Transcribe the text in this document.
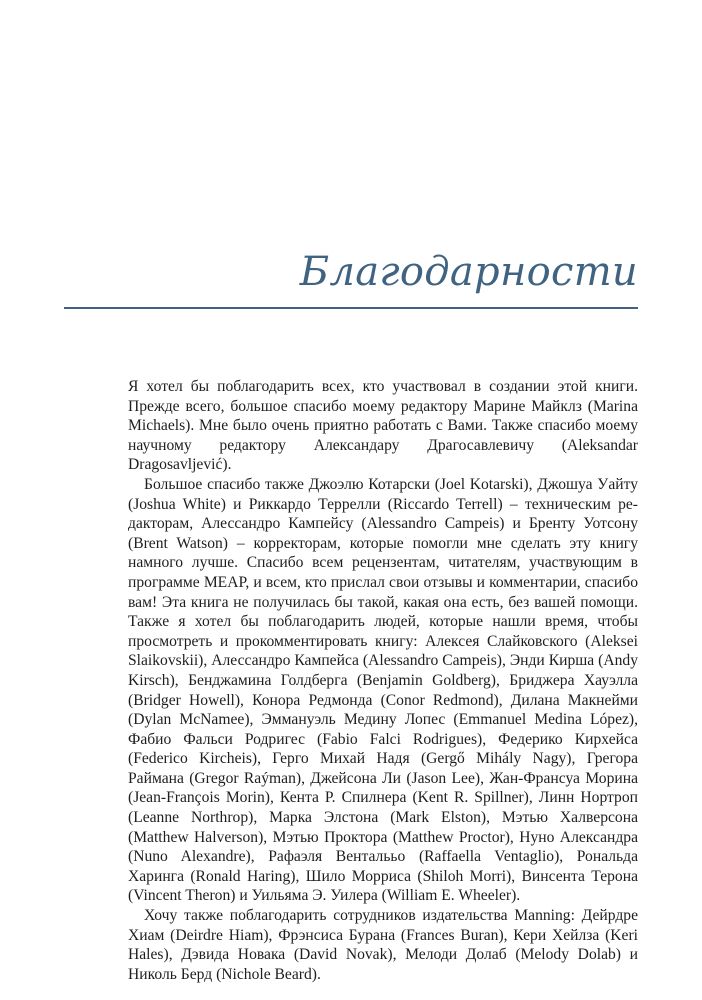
Благодарности

Я хотел бы поблагодарить всех, кто участвовал в создании этой книги. Прежде всего, большое спасибо моему редактору Марине Майклз (Marina Michaels). Мне было очень приятно работать с Вами. Также спасибо моему научному редактору Александару Драгосавлевичу (Aleksandar Dragosavljević).

Большое спасибо также Джоэлю Котарски (Joel Kotarski), Джошуа Уайту (Joshua White) и Риккардо Террелли (Riccardo Terrell) – техническим редакторам, Алессандро Кампейсу (Alessandro Campeis) и Бренту Уотсону (Brent Watson) – корректорам, которые помогли мне сделать эту книгу намного лучше. Спасибо всем рецензентам, читателям, участвующим в программе MEAP, и всем, кто прислал свои отзывы и комментарии, спасибо вам! Эта книга не получилась бы такой, какая она есть, без вашей помощи. Также я хотел бы поблагодарить людей, которые нашли время, чтобы просмотреть и прокомментировать книгу: Алексея Слайковского (Aleksei Slaikovskii), Алессандро Кампейса (Alessandro Campeis), Энди Кирша (Andy Kirsch), Бенджамина Голдберга (Benjamin Goldberg), Бриджера Хауэлла (Bridger Howell), Конора Редмонда (Conor Redmond), Дилана Макнейми (Dylan McNamee), Эммануэль Медину Лопес (Emmanuel Medina López), Фабио Фальси Родригес (Fabio Falci Rodrigues), Федерико Кирхейса (Federico Kircheis), Герго Михай Надя (Gergő Mihály Nagy), Грегора Раймана (Gregor Raýman), Джейсона Ли (Jason Lee), Жан-Франсуа Морина (Jean-François Morin), Кента Р. Спилнера (Kent R. Spillner), Линн Нортроп (Leanne Northrop), Марка Элстона (Mark Elston), Мэтью Халверсона (Matthew Halverson), Мэтью Проктора (Matthew Proctor), Нуно Александра (Nuno Alexandre), Рафаэля Венталььо (Raffaella Ventaglio), Рональда Харинга (Ronald Haring), Шило Морриса (Shiloh Morri), Винсента Терона (Vincent Theron) и Уильяма Э. Уилера (William E. Wheeler).

Хочу также поблагодарить сотрудников издательства Manning: Дейрдре Хиам (Deirdre Hiam), Фрэнсиса Бурана (Frances Buran), Кери Хейлза (Keri Hales), Дэвида Новака (David Novak), Мелоди Долаб (Melody Dolab) и Николь Берд (Nichole Beard).
